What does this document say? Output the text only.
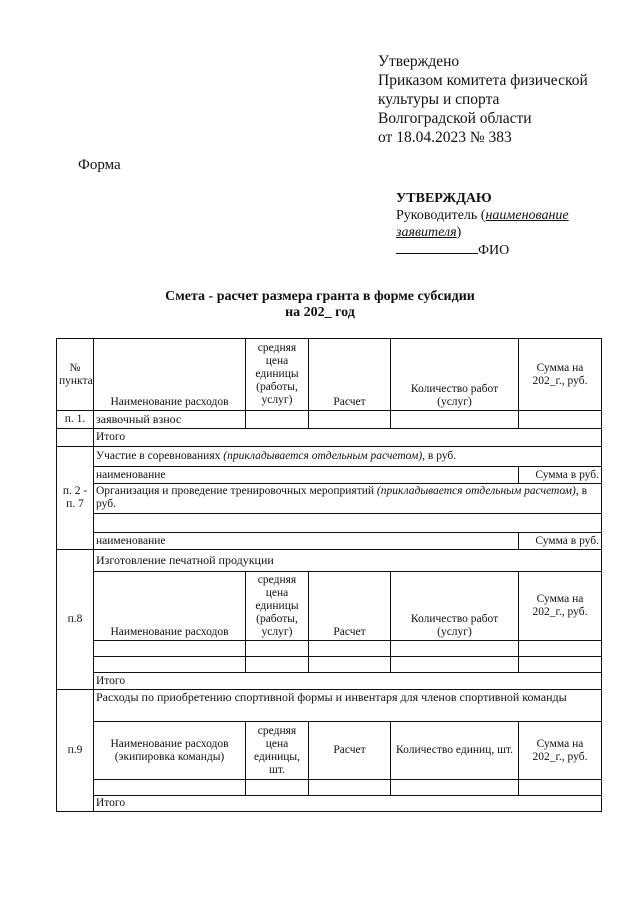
Утверждено
Приказом комитета физической
культуры и спорта
Волгоградской области
от 18.04.2023 № 383
Форма
УТВЕРЖДАЮ
Руководитель (наименование
заявителя)
ФИО
Смета - расчет размера гранта в форме субсидии
на 202_ год
№ пункта	Наименование расходов	средняя цена единицы (работы, услуг)	Расчет	Количество работ (услуг)	Сумма на 202_г., руб.
п. 1.	заявочный взнос				
	Итого				
п. 2 - п. 7	Участие в соревнованиях (прикладывается отдельным расчетом), в руб.				
	наименование				Сумма в руб.
	Организация и проведение тренировочных мероприятий (прикладывается отдельным расчетом), в руб.				

	наименование				Сумма в руб.
п.8	Изготовление печатной продукции				
	Наименование расходов	средняя цена единицы (работы, услуг)	Расчет	Количество работ (услуг)	Сумма на 202_г., руб.

	Итого				
п.9	Расходы по приобретению спортивной формы и инвентаря для членов спортивной команды				
	Наименование расходов (экипировка команды)	средняя цена единицы, шт.	Расчет	Количество единиц, шт.	Сумма на 202_г., руб.

	Итого				
